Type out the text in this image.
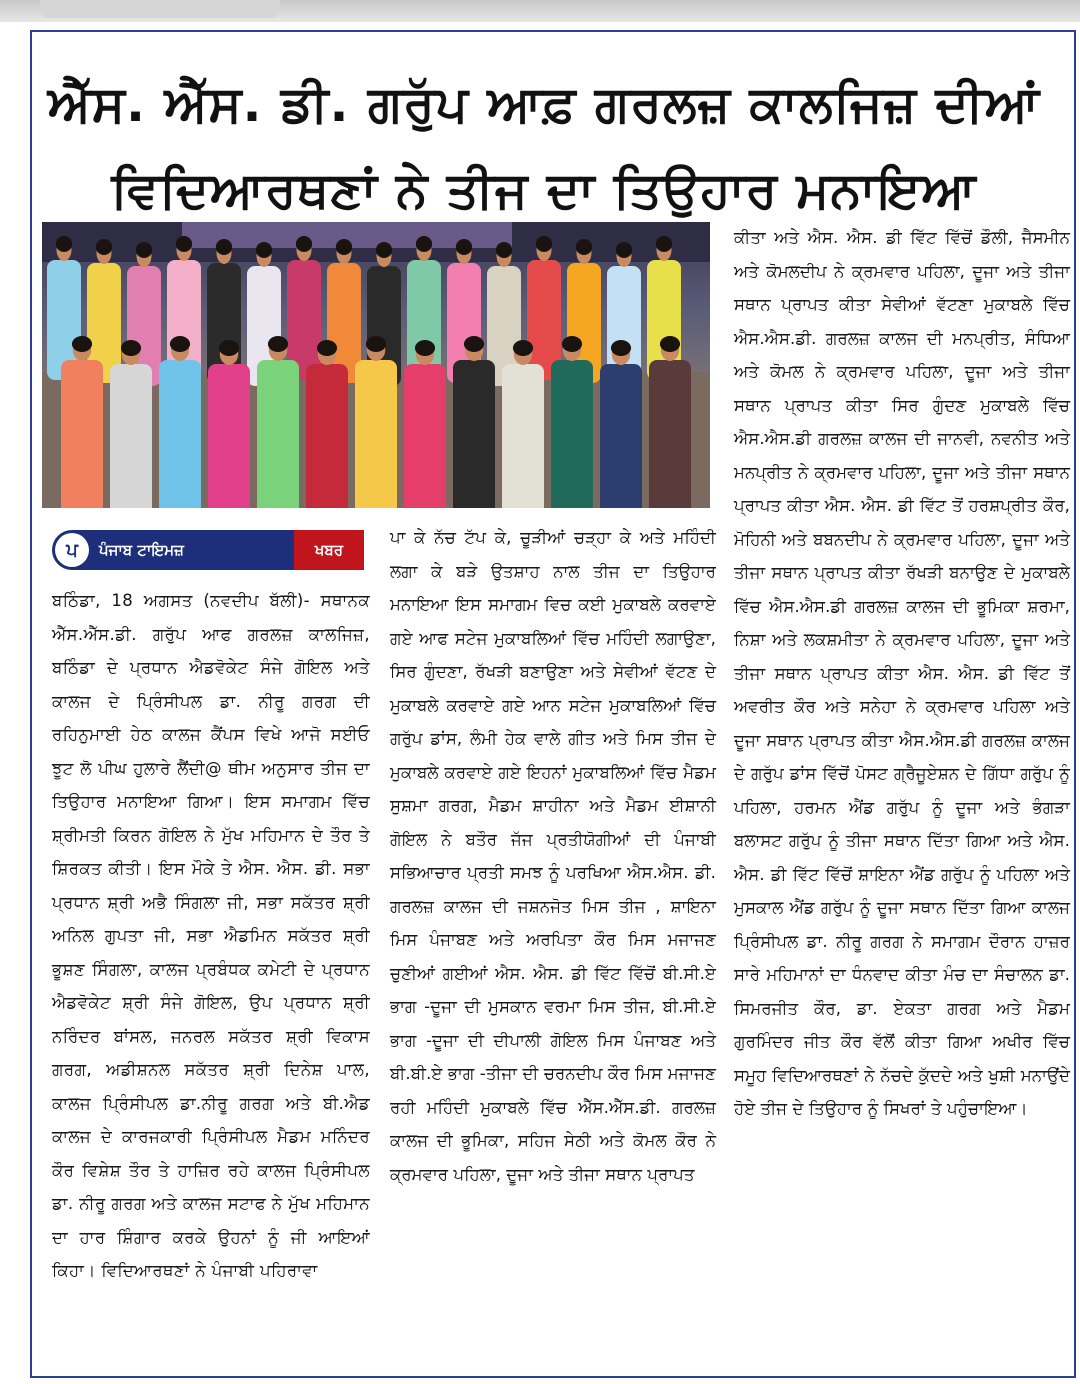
ਐੱਸ. ਐੱਸ. ਡੀ. ਗਰੁੱਪ ਆਫ਼ ਗਰਲਜ਼ ਕਾਲਜਿਜ਼ ਦੀਆਂ
ਵਿਦਿਆਰਥਣਾਂ ਨੇ ਤੀਜ ਦਾ ਤਿਉਹਾਰ ਮਨਾਇਆ
ਪ	ਪੰਜਾਬ ਟਾਇਮਜ਼	ਖਬਰ

ਬਠਿੰਡਾ, 18 ਅਗਸਤ (ਨਵਦੀਪ ਬੱਲੀ)- ਸਥਾਨਕ ਐੱਸ.ਐੱਸ.ਡੀ. ਗਰੁੱਪ ਆਫ ਗਰਲਜ਼ ਕਾਲਜਿਜ਼, ਬਠਿੰਡਾ ਦੇ ਪ੍ਰਧਾਨ ਐਡਵੋਕੇਟ ਸੰਜੇ ਗੋਇਲ ਅਤੇ ਕਾਲਜ ਦੇ ਪ੍ਰਿੰਸੀਪਲ ਡਾ. ਨੀਰੂ ਗਰਗ ਦੀ ਰਹਿਨੁਮਾਈ ਹੇਠ ਕਾਲਜ ਕੈਂਪਸ ਵਿਖੇ ਆਜੋ ਸਈਓ ਝੂਟ ਲੋ ਪੀਘ ਹੁਲਾਰੇ ਲੈਂਦੀ@ ਥੀਮ ਅਨੁਸਾਰ ਤੀਜ ਦਾ ਤਿਉਹਾਰ ਮਨਾਇਆ ਗਿਆ। ਇਸ ਸਮਾਗਮ ਵਿੱਚ ਸ਼੍ਰੀਮਤੀ ਕਿਰਨ ਗੋਇਲ ਨੇ ਮੁੱਖ ਮਹਿਮਾਨ ਦੇ ਤੌਰ ਤੇ ਸ਼ਿਰਕਤ ਕੀਤੀ। ਇਸ ਮੌਕੇ ਤੇ ਐਸ. ਐਸ. ਡੀ. ਸਭਾ ਪ੍ਰਧਾਨ ਸ਼੍ਰੀ ਅਭੈ ਸਿੰਗਲਾ ਜੀ, ਸਭਾ ਸਕੱਤਰ ਸ਼੍ਰੀ ਅਨਿਲ ਗੁਪਤਾ ਜੀ, ਸਭਾ ਐਡਮਿਨ ਸਕੱਤਰ ਸ਼੍ਰੀ ਭੂਸ਼ਣ ਸਿੰਗਲਾ, ਕਾਲਜ ਪ੍ਰਬੰਧਕ ਕਮੇਟੀ ਦੇ ਪ੍ਰਧਾਨ ਐਡਵੋਕੇਟ ਸ਼੍ਰੀ ਸੰਜੇ ਗੋਇਲ, ਉਪ ਪ੍ਰਧਾਨ ਸ਼੍ਰੀ ਨਰਿੰਦਰ ਬਾਂਸਲ, ਜਨਰਲ ਸਕੱਤਰ ਸ਼੍ਰੀ ਵਿਕਾਸ ਗਰਗ, ਅਡੀਸ਼ਨਲ ਸਕੱਤਰ ਸ਼੍ਰੀ ਦਿਨੇਸ਼ ਪਾਲ, ਕਾਲਜ ਪ੍ਰਿੰਸੀਪਲ ਡਾ.ਨੀਰੂ ਗਰਗ ਅਤੇ ਬੀ.ਐਡ ਕਾਲਜ ਦੇ ਕਾਰਜਕਾਰੀ ਪ੍ਰਿੰਸੀਪਲ ਮੈਡਮ ਮਨਿੰਦਰ ਕੌਰ ਵਿਸ਼ੇਸ਼ ਤੌਰ ਤੇ ਹਾਜ਼ਿਰ ਰਹੇ ਕਾਲਜ ਪ੍ਰਿੰਸੀਪਲ ਡਾ. ਨੀਰੂ ਗਰਗ ਅਤੇ ਕਾਲਜ ਸਟਾਫ ਨੇ ਮੁੱਖ ਮਹਿਮਾਨ ਦਾ ਹਾਰ ਸ਼ਿੰਗਾਰ ਕਰਕੇ ਉਹਨਾਂ ਨੂੰ ਜੀ ਆਇਆਂ ਕਿਹਾ। ਵਿਦਿਆਰਥਣਾਂ ਨੇ ਪੰਜਾਬੀ ਪਹਿਰਾਵਾ

ਪਾ ਕੇ ਨੱਚ ਟੱਪ ਕੇ, ਚੂੜੀਆਂ ਚੜ੍ਹਾ ਕੇ ਅਤੇ ਮਹਿੰਦੀ ਲਗਾ ਕੇ ਬੜੇ ਉਤਸ਼ਾਹ ਨਾਲ ਤੀਜ ਦਾ ਤਿਉਹਾਰ ਮਨਾਇਆ ਇਸ ਸਮਾਗਮ ਵਿਚ ਕਈ ਮੁਕਾਬਲੇ ਕਰਵਾਏ ਗਏ ਆਫ ਸਟੇਜ ਮੁਕਾਬਲਿਆਂ ਵਿੱਚ ਮਹਿੰਦੀ ਲਗਾਉਣਾ, ਸਿਰ ਗੁੰਦਣਾ, ਰੱਖੜੀ ਬਣਾਉਣਾ ਅਤੇ ਸੇਵੀਆਂ ਵੱਟਣ ਦੇ ਮੁਕਾਬਲੇ ਕਰਵਾਏ ਗਏ ਆਨ ਸਟੇਜ ਮੁਕਾਬਲਿਆਂ ਵਿੱਚ ਗਰੁੱਪ ਡਾਂਸ, ਲੰਮੀ ਹੇਕ ਵਾਲੇ ਗੀਤ ਅਤੇ ਮਿਸ ਤੀਜ ਦੇ ਮੁਕਾਬਲੇ ਕਰਵਾਏ ਗਏ ਇਹਨਾਂ ਮੁਕਾਬਲਿਆਂ ਵਿੱਚ ਮੈਡਮ ਸੁਸ਼ਮਾ ਗਰਗ, ਮੈਡਮ ਸ਼ਾਹੀਨਾ ਅਤੇ ਮੈਡਮ ਈਸ਼ਾਨੀ ਗੋਇਲ ਨੇ ਬਤੌਰ ਜੱਜ ਪ੍ਰਤੀਯੋਗੀਆਂ ਦੀ ਪੰਜਾਬੀ ਸਭਿਆਚਾਰ ਪ੍ਰਤੀ ਸਮਝ ਨੂੰ ਪਰਖਿਆ ਐਸ.ਐਸ. ਡੀ. ਗਰਲਜ਼ ਕਾਲਜ ਦੀ ਜਸ਼ਨਜੋਤ ਮਿਸ ਤੀਜ , ਸ਼ਾਇਨਾ ਮਿਸ ਪੰਜਾਬਣ ਅਤੇ ਅਰਪਿਤਾ ਕੌਰ ਮਿਸ ਮਜਾਜਣ ਚੁਣੀਆਂ ਗਈਆਂ ਐਸ. ਐਸ. ਡੀ ਵਿੱਟ ਵਿੱਚੋਂ ਬੀ.ਸੀ.ਏ ਭਾਗ -ਦੂਜਾ ਦੀ ਮੁਸਕਾਨ ਵਰਮਾ ਮਿਸ ਤੀਜ, ਬੀ.ਸੀ.ਏ ਭਾਗ -ਦੂਜਾ ਦੀ ਦੀਪਾਲੀ ਗੋਇਲ ਮਿਸ ਪੰਜਾਬਣ ਅਤੇ ਬੀ.ਬੀ.ਏ ਭਾਗ -ਤੀਜਾ ਦੀ ਚਰਨਦੀਪ ਕੌਰ ਮਿਸ ਮਜਾਜਣ ਰਹੀ ਮਹਿੰਦੀ ਮੁਕਾਬਲੇ ਵਿੱਚ ਐੱਸ.ਐੱਸ.ਡੀ. ਗਰਲਜ਼ ਕਾਲਜ ਦੀ ਭੂਮਿਕਾ, ਸਹਿਜ ਸੇਠੀ ਅਤੇ ਕੋਮਲ ਕੌਰ ਨੇ ਕ੍ਰਮਵਾਰ ਪਹਿਲਾ, ਦੂਜਾ ਅਤੇ ਤੀਜਾ ਸਥਾਨ ਪ੍ਰਾਪਤ

ਕੀਤਾ ਅਤੇ ਐਸ. ਐਸ. ਡੀ ਵਿੱਟ ਵਿੱਚੋਂ ਡੌਲੀ, ਜੈਸਮੀਨ ਅਤੇ ਕੋਮਲਦੀਪ ਨੇ ਕ੍ਰਮਵਾਰ ਪਹਿਲਾ, ਦੂਜਾ ਅਤੇ ਤੀਜਾ ਸਥਾਨ ਪ੍ਰਾਪਤ ਕੀਤਾ ਸੇਵੀਆਂ ਵੱਟਣਾ ਮੁਕਾਬਲੇ ਵਿੱਚ ਐਸ.ਐਸ.ਡੀ. ਗਰਲਜ਼ ਕਾਲਜ ਦੀ ਮਨਪ੍ਰੀਤ, ਸੰਧਿਆ ਅਤੇ ਕੋਮਲ ਨੇ ਕ੍ਰਮਵਾਰ ਪਹਿਲਾ, ਦੂਜਾ ਅਤੇ ਤੀਜਾ ਸਥਾਨ ਪ੍ਰਾਪਤ ਕੀਤਾ ਸਿਰ ਗੁੰਦਣ ਮੁਕਾਬਲੇ ਵਿੱਚ ਐਸ.ਐਸ.ਡੀ ਗਰਲਜ਼ ਕਾਲਜ ਦੀ ਜਾਨਵੀ, ਨਵਨੀਤ ਅਤੇ ਮਨਪ੍ਰੀਤ ਨੇ ਕ੍ਰਮਵਾਰ ਪਹਿਲਾ, ਦੂਜਾ ਅਤੇ ਤੀਜਾ ਸਥਾਨ ਪ੍ਰਾਪਤ ਕੀਤਾ ਐਸ. ਐਸ. ਡੀ ਵਿੱਟ ਤੋਂ ਹਰਸ਼ਪ੍ਰੀਤ ਕੌਰ, ਮੋਹਿਨੀ ਅਤੇ ਬਬਨਦੀਪ ਨੇ ਕ੍ਰਮਵਾਰ ਪਹਿਲਾ, ਦੂਜਾ ਅਤੇ ਤੀਜਾ ਸਥਾਨ ਪ੍ਰਾਪਤ ਕੀਤਾ ਰੱਖੜੀ ਬਨਾਉਣ ਦੇ ਮੁਕਾਬਲੇ ਵਿੱਚ ਐਸ.ਐਸ.ਡੀ ਗਰਲਜ਼ ਕਾਲਜ ਦੀ ਭੂਮਿਕਾ ਸ਼ਰਮਾ, ਨਿਸ਼ਾ ਅਤੇ ਲਕਸ਼ਮੀਤਾ ਨੇ ਕ੍ਰਮਵਾਰ ਪਹਿਲਾ, ਦੂਜਾ ਅਤੇ ਤੀਜਾ ਸਥਾਨ ਪ੍ਰਾਪਤ ਕੀਤਾ ਐਸ. ਐਸ. ਡੀ ਵਿੱਟ ਤੋਂ ਅਵਰੀਤ ਕੌਰ ਅਤੇ ਸਨੇਹਾ ਨੇ ਕ੍ਰਮਵਾਰ ਪਹਿਲਾ ਅਤੇ ਦੂਜਾ ਸਥਾਨ ਪ੍ਰਾਪਤ ਕੀਤਾ ਐਸ.ਐਸ.ਡੀ ਗਰਲਜ਼ ਕਾਲਜ ਦੇ ਗਰੁੱਪ ਡਾਂਸ ਵਿੱਚੋਂ ਪੋਸਟ ਗ੍ਰੈਜੂਏਸ਼ਨ ਦੇ ਗਿੱਧਾ ਗਰੁੱਪ ਨੂੰ ਪਹਿਲਾ, ਹਰਮਨ ਐਂਡ ਗਰੁੱਪ ਨੂੰ ਦੂਜਾ ਅਤੇ ਭੰਗੜਾ ਬਲਾਸਟ ਗਰੁੱਪ ਨੂੰ ਤੀਜਾ ਸਥਾਨ ਦਿੱਤਾ ਗਿਆ ਅਤੇ ਐਸ. ਐਸ. ਡੀ ਵਿੱਟ ਵਿੱਚੋਂ ਸ਼ਾਇਨਾ ਐਂਡ ਗਰੁੱਪ ਨੂੰ ਪਹਿਲਾ ਅਤੇ ਮੁਸਕਾਲ ਐਂਡ ਗਰੁੱਪ ਨੂੰ ਦੂਜਾ ਸਥਾਨ ਦਿੱਤਾ ਗਿਆ ਕਾਲਜ ਪ੍ਰਿੰਸੀਪਲ ਡਾ. ਨੀਰੂ ਗਰਗ ਨੇ ਸਮਾਗਮ ਦੌਰਾਨ ਹਾਜ਼ਰ ਸਾਰੇ ਮਹਿਮਾਨਾਂ ਦਾ ਧੰਨਵਾਦ ਕੀਤਾ ਮੰਚ ਦਾ ਸੰਚਾਲਨ ਡਾ. ਸਿਮਰਜੀਤ ਕੌਰ, ਡਾ. ਏਕਤਾ ਗਰਗ ਅਤੇ ਮੈਡਮ ਗੁਰਮਿੰਦਰ ਜੀਤ ਕੌਰ ਵੱਲੋਂ ਕੀਤਾ ਗਿਆ ਅਖੀਰ ਵਿੱਚ ਸਮੂਹ ਵਿਦਿਆਰਥਣਾਂ ਨੇ ਨੱਚਦੇ ਕੁੱਦਦੇ ਅਤੇ ਖੁਸ਼ੀ ਮਨਾਉਂਦੇ ਹੋਏ ਤੀਜ ਦੇ ਤਿਉਹਾਰ ਨੂੰ ਸਿਖਰਾਂ ਤੇ ਪਹੁੰਚਾਇਆ।
